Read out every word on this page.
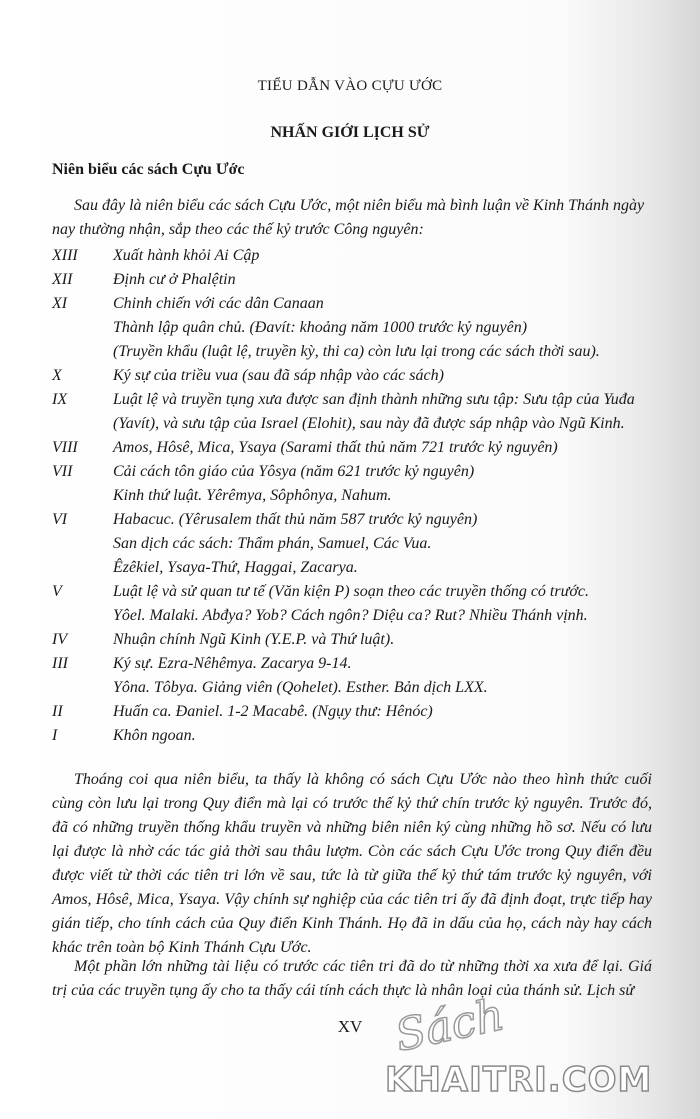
TIỂU DẪN VÀO CỰU ƯỚC
NHẤN GIỚI LỊCH SỬ
Niên biểu các sách Cựu Ước
Sau đây là niên biểu các sách Cựu Ước, một niên biểu mà bình luận về Kinh Thánh ngày nay thường nhận, sắp theo các thế kỷ trước Công nguyên:
XIII	Xuất hành khỏi Ai Cập
XII	Định cư ở Phalệtin
XI	Chinh chiến với các dân Canaan
Thành lập quân chủ. (Đavít: khoảng năm 1000 trước kỷ nguyên)
(Truyền khẩu (luật lệ, truyền kỳ, thi ca) còn lưu lại trong các sách thời sau).
X	Ký sự của triều vua (sau đã sáp nhập vào các sách)
IX	Luật lệ và truyền tụng xưa được san định thành những sưu tập: Sưu tập của Yuđa
(Yavít), và sưu tập của Israel (Elohit), sau này đã được sáp nhập vào Ngũ Kinh.
VIII	Amos, Hôsê, Mica, Ysaya (Sarami thất thủ năm 721 trước kỷ nguyên)
VII	Cải cách tôn giáo của Yôsya (năm 621 trước kỷ nguyên)
Kinh thứ luật. Yêrêmya, Sôphônya, Nahum.
VI	Habacuc. (Yêrusalem thất thủ năm 587 trước kỷ nguyên)
San dịch các sách: Thẩm phán, Samuel, Các Vua.
Êzêkiel, Ysaya-Thứ, Haggai, Zacarya.
V	Luật lệ và sử quan tư tế (Văn kiện P) soạn theo các truyền thống có trước.
Yôel. Malaki. Abđya? Yob? Cách ngôn? Diệu ca? Rut? Nhiều Thánh vịnh.
IV	Nhuận chính Ngũ Kinh (Y.E.P. và Thứ luật).
III	Ký sự. Ezra-Nêhêmya. Zacarya 9-14.
Yôna. Tôbya. Giảng viên (Qohelet). Esther. Bản dịch LXX.
II	Huấn ca. Đaniel. 1-2 Macabê. (Ngụy thư: Hênóc)
I	Khôn ngoan.
Thoáng coi qua niên biểu, ta thấy là không có sách Cựu Ước nào theo hình thức cuối cùng còn lưu lại trong Quy điển mà lại có trước thế kỷ thứ chín trước kỷ nguyên. Trước đó, đã có những truyền thống khẩu truyền và những biên niên ký cùng những hồ sơ. Nếu có lưu lại được là nhờ các tác giả thời sau thâu lượm. Còn các sách Cựu Ước trong Quy điển đều được viết từ thời các tiên tri lớn về sau, tức là từ giữa thế kỷ thứ tám trước kỷ nguyên, với Amos, Hôsê, Mica, Ysaya. Vậy chính sự nghiệp của các tiên tri ấy đã định đoạt, trực tiếp hay gián tiếp, cho tính cách của Quy điển Kinh Thánh. Họ đã in dấu của họ, cách này hay cách khác trên toàn bộ Kinh Thánh Cựu Ước.
Một phần lớn những tài liệu có trước các tiên tri đã do từ những thời xa xưa để lại. Giá trị của các truyền tụng ấy cho ta thấy cái tính cách thực là nhân loại của thánh sử. Lịch sử
XV Sách
KHAITRI.COM
